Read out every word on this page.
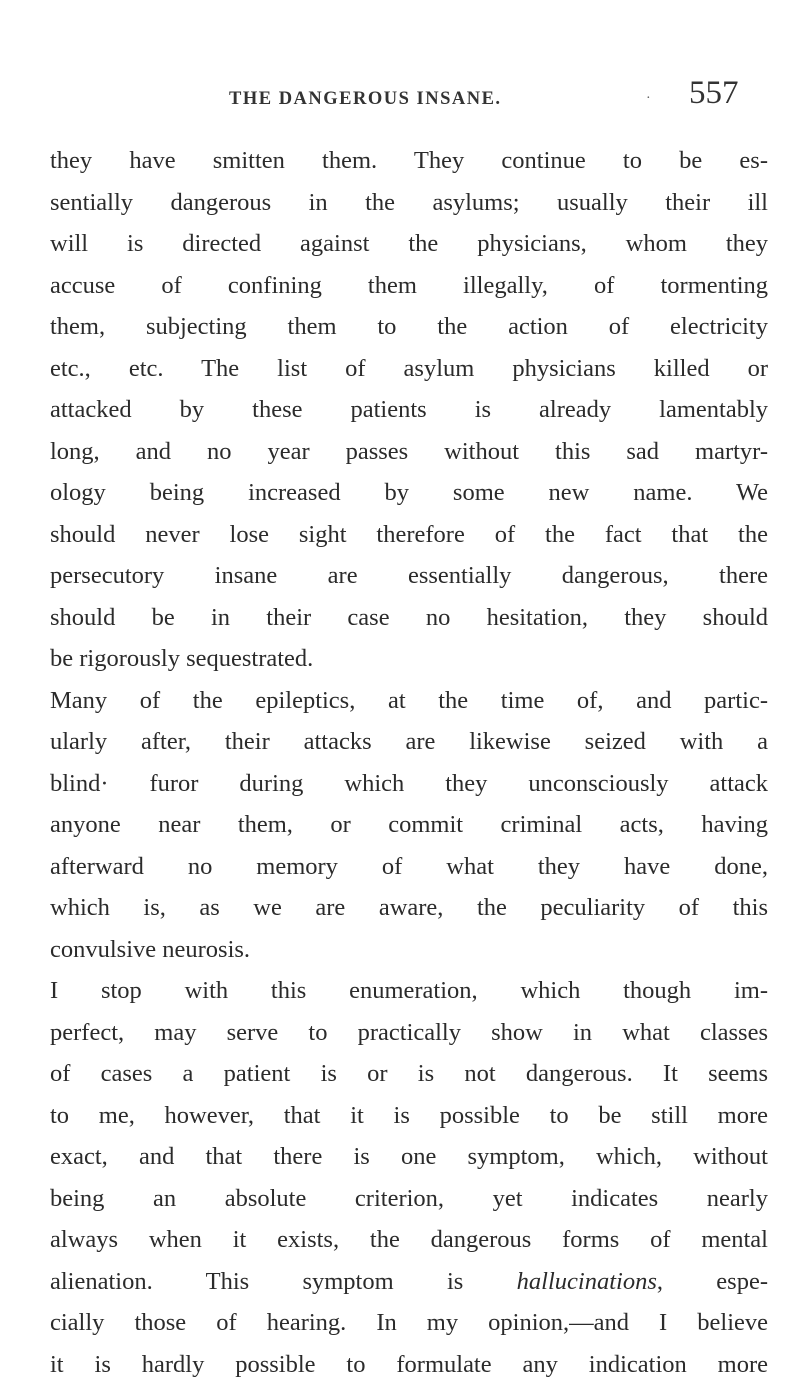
THE DANGEROUS INSANE.	· 557
they have smitten them. They continue to be es-
sentially dangerous in the asylums; usually their ill
will is directed against the physicians, whom they
accuse of confining them illegally, of tormenting
them, subjecting them to the action of electricity
etc., etc. The list of asylum physicians killed or
attacked by these patients is already lamentably
long, and no year passes without this sad martyr-
ology being increased by some new name. We
should never lose sight therefore of the fact that the
persecutory insane are essentially dangerous, there
should be in their case no hesitation, they should
be rigorously sequestrated.
Many of the epileptics, at the time of, and partic-
ularly after, their attacks are likewise seized with a
blind· furor during which they unconsciously attack
anyone near them, or commit criminal acts, having
afterward no memory of what they have done,
which is, as we are aware, the peculiarity of this
convulsive neurosis.
I stop with this enumeration, which though im-
perfect, may serve to practically show in what classes
of cases a patient is or is not dangerous. It seems
to me, however, that it is possible to be still more
exact, and that there is one symptom, which, without
being an absolute criterion, yet indicates nearly
always when it exists, the dangerous forms of mental
alienation. This symptom is hallucinations, espe-
cially those of hearing. In my opinion,—and I believe
it is hardly possible to formulate any indication more
